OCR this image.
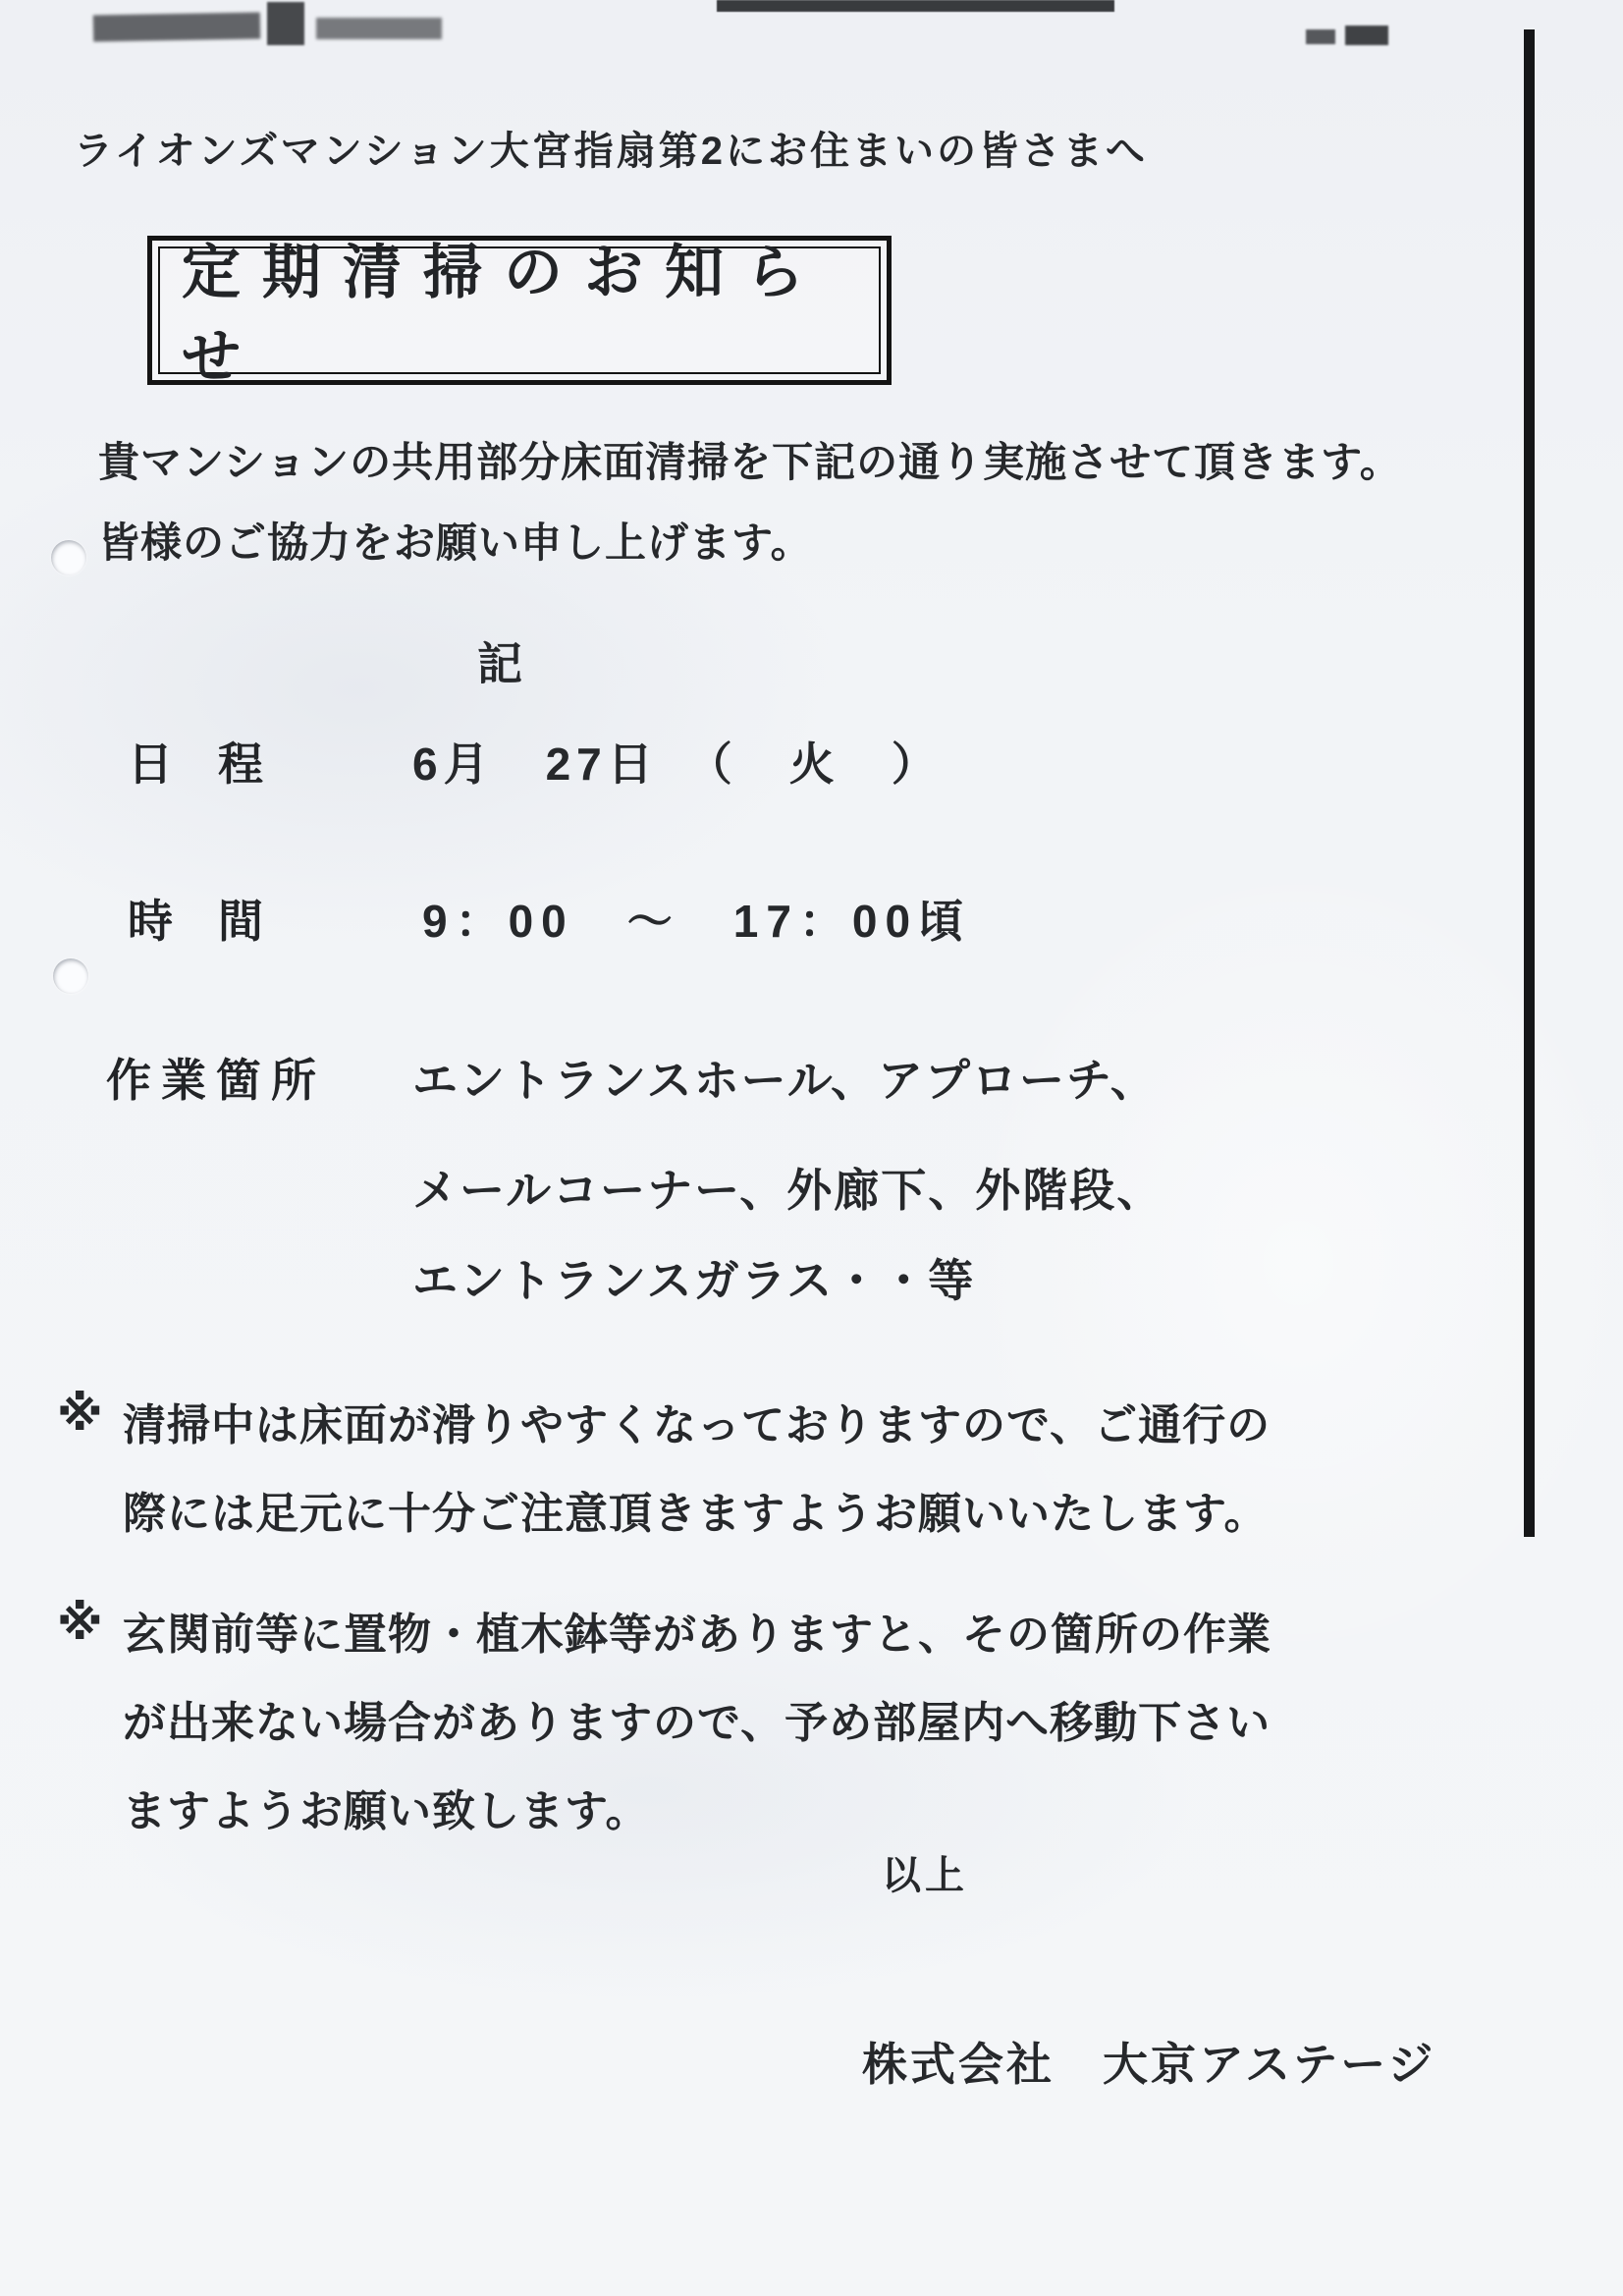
ライオンズマンション大宮指扇第2にお住まいの皆さまへ
定期清掃のお知らせ
貴マンションの共用部分床面清掃を下記の通り実施させて頂きます。
皆様のご協力をお願い申し上げます。
記
日　程	6月　27日　（　火　）
時　間	9：00　～　17：00頃
作業箇所 エントランスホール、アプローチ、
メールコーナー、外廊下、外階段、
エントランスガラス・・等
※ 清掃中は床面が滑りやすくなっておりますので、ご通行の
際には足元に十分ご注意頂きますようお願いいたします。
※ 玄関前等に置物・植木鉢等がありますと、その箇所の作業
が出来ない場合がありますので、予め部屋内へ移動下さい
ますようお願い致します。
以上
株式会社　大京アステージ
